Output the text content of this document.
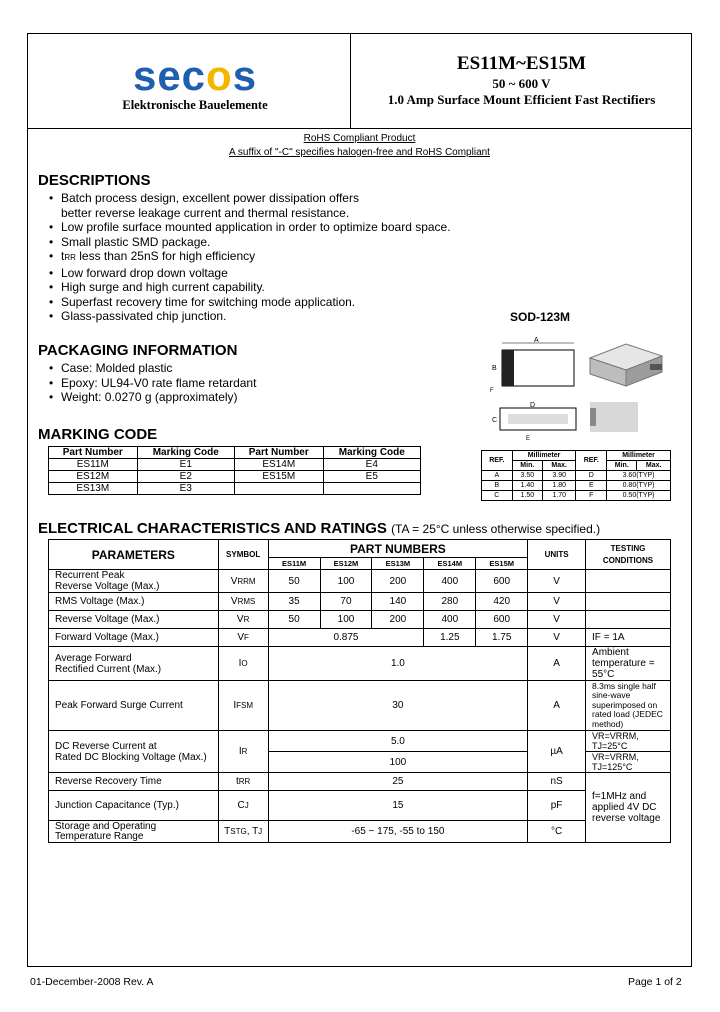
secos
Elektronische Bauelemente
ES11M~ES15M
50 ~ 600 V
1.0 Amp Surface Mount Efficient Fast Rectifiers
RoHS Compliant Product
A suffix of "-C" specifies halogen-free and RoHS Compliant
DESCRIPTIONS
• Batch process design, excellent power dissipation offers
better reverse leakage current and thermal resistance.
• Low profile surface mounted application in order to optimize board space.
• Small plastic SMD package.
• tRR less than 25nS for high efficiency
• Low forward drop down voltage
• High surge and high current capability.
• Superfast recovery time for switching mode application.
• Glass-passivated chip junction.
PACKAGING INFORMATION
• Case: Molded plastic
• Epoxy: UL94-V0 rate flame retardant
• Weight: 0.0270 g (approximately)
SOD-123M
A
B
F
D
C
E
REF.	Millimeter		REF.	Millimeter	
	Min.	Max.		Min.	Max.
A	3.50	3.90	D	3.60(TYP)	
B	1.40	1.80	E	0.80(TYP)	
C	1.50	1.70	F	0.50(TYP)	
MARKING CODE
Part Number	Marking Code	Part Number	Marking Code
ES11M	E1	ES14M	E4
ES12M	E2	ES15M	E5
ES13M	E3		
ELECTRICAL CHARACTERISTICS AND RATINGS (TA = 25°C unless otherwise specified.)
PARAMETERS	SYMBOL	PART NUMBERS					UNITS	TESTING CONDITIONS
		ES11M	ES12M	ES13M	ES14M	ES15M		
Recurrent Peak
Reverse Voltage (Max.)	VRRM	50	100	200	400	600	V	
RMS Voltage (Max.)	VRMS	35	70	140	280	420	V	
Reverse Voltage (Max.)	VR	50	100	200	400	600	V	
Forward Voltage (Max.)	VF	0.875			1.25	1.75	V	IF = 1A
Average Forward
Rectified Current (Max.)	IO	1.0					A	Ambient
temperature = 55°C
Peak Forward Surge Current	IFSM	30					A	8.3ms single half
sine-wave
superimposed on
rated load (JEDEC
method)
DC Reverse Current at
Rated DC Blocking Voltage (Max.)	IR	5.0					µA	VR=VRRM, TJ=25°C
		100						VR=VRRM, TJ=125°C
Reverse Recovery Time	tRR	25					nS	f=1MHz and
applied 4V DC
reverse voltage
Junction Capacitance (Typ.)	CJ	15					pF	
Storage and Operating
Temperature Range	TSTG, TJ	-65 ~ 175, -55 to 150					°C	
01-December-2008 Rev. A	Page 1 of 2
